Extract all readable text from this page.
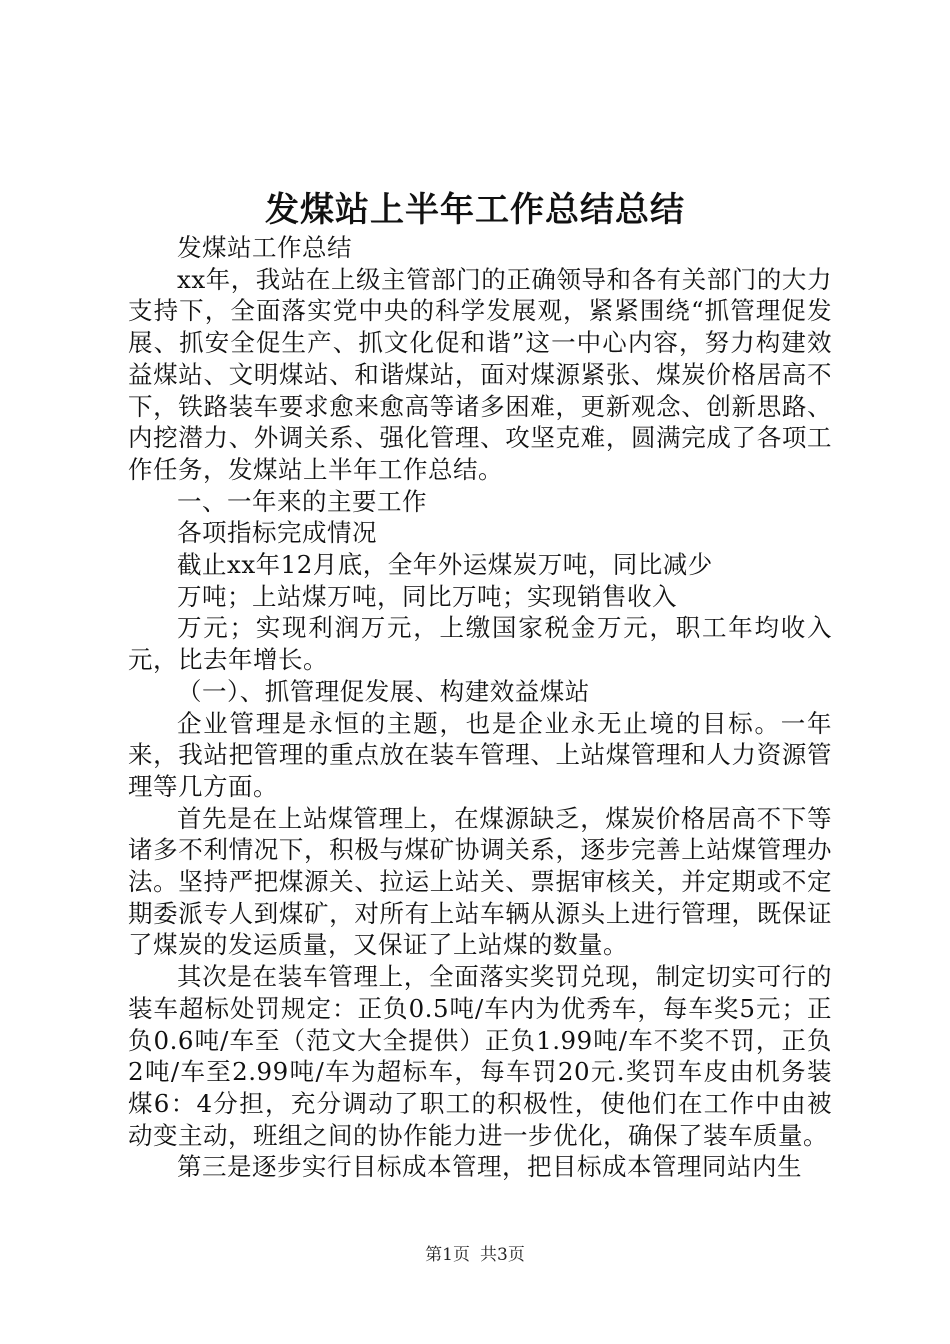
发煤站上半年工作总结总结

发煤站工作总结

xx年，我站在上级主管部门的正确领导和各有关部门的大力支持下，全面落实党中央的科学发展观，紧紧围绕“抓管理促发展、抓安全促生产、抓文化促和谐”这一中心内容，努力构建效益煤站、文明煤站、和谐煤站，面对煤源紧张、煤炭价格居高不下，铁路装车要求愈来愈高等诸多困难，更新观念、创新思路、内挖潜力、外调关系、强化管理、攻坚克难，圆满完成了各项工作任务，发煤站上半年工作总结。

一、一年来的主要工作

各项指标完成情况

截止xx年12月底，全年外运煤炭万吨，同比减少

万吨；上站煤万吨，同比万吨；实现销售收入

万元；实现利润万元，上缴国家税金万元，职工年均收入元，比去年增长。

（一）、抓管理促发展、构建效益煤站

企业管理是永恒的主题，也是企业永无止境的目标。一年来，我站把管理的重点放在装车管理、上站煤管理和人力资源管理等几方面。

首先是在上站煤管理上，在煤源缺乏，煤炭价格居高不下等诸多不利情况下，积极与煤矿协调关系，逐步完善上站煤管理办法。坚持严把煤源关、拉运上站关、票据审核关，并定期或不定期委派专人到煤矿，对所有上站车辆从源头上进行管理，既保证了煤炭的发运质量，又保证了上站煤的数量。

其次是在装车管理上，全面落实奖罚兑现，制定切实可行的装车超标处罚规定：正负0.5吨/车内为优秀车，每车奖5元；正负0.6吨/车至（范文大全提供）正负1.99吨/车不奖不罚，正负2吨/车至2.99吨/车为超标车，每车罚20元.奖罚车皮由机务装煤6：4分担，充分调动了职工的积极性，使他们在工作中由被动变主动，班组之间的协作能力进一步优化，确保了装车质量。

第三是逐步实行目标成本管理，把目标成本管理同站内生

第1页 共3页
